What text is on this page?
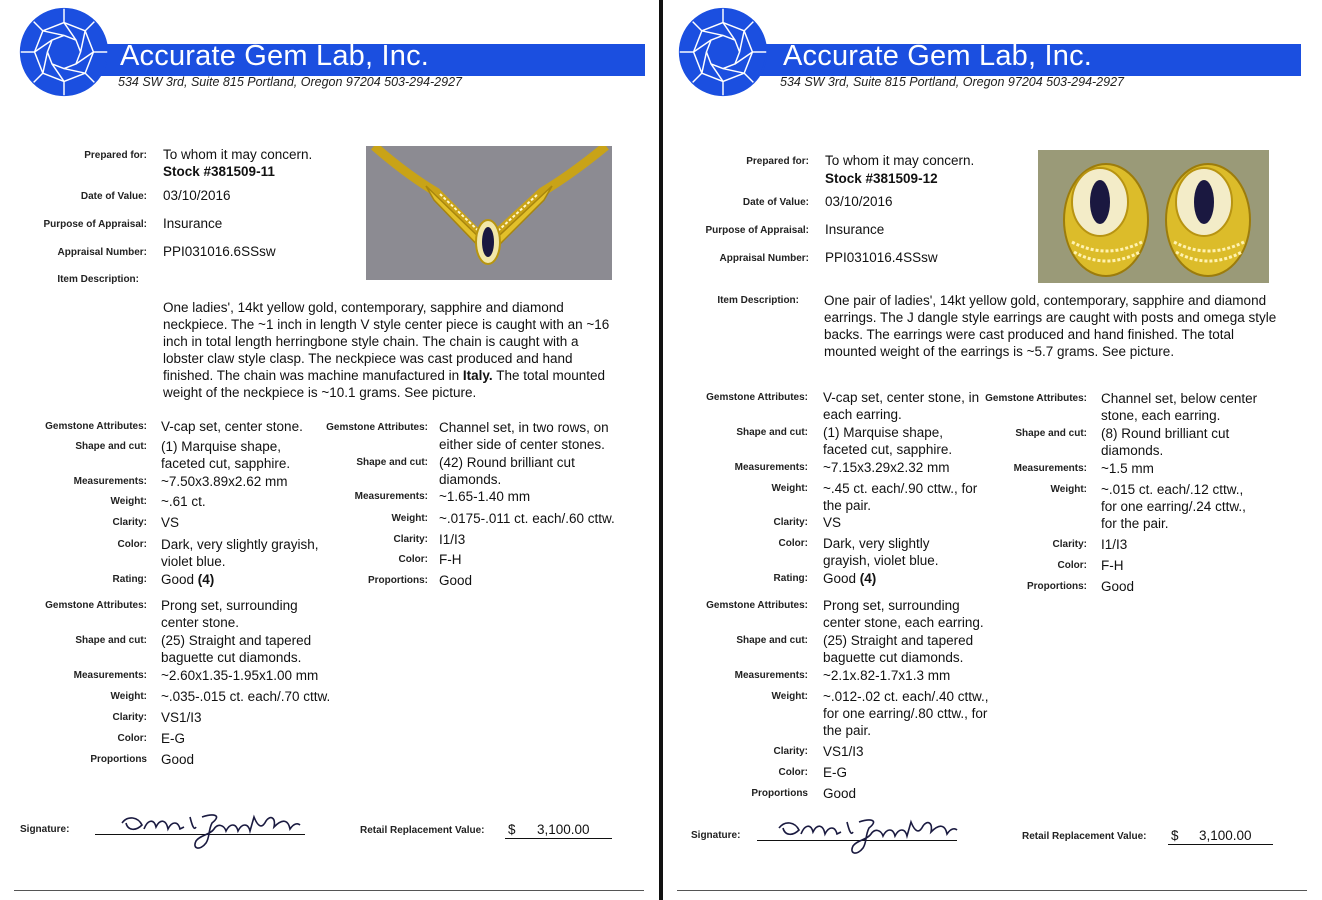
Accurate Gem Lab, Inc.
534 SW 3rd, Suite 815 Portland, Oregon 97204 503-294-2927
Prepared for: To whom it may concern.
Stock #381509-11
Date of Value: 03/10/2016
Purpose of Appraisal: Insurance
Appraisal Number: PPI031016.6SSsw
Item Description:
One ladies', 14kt yellow gold, contemporary, sapphire and diamond neckpiece. The ~1 inch in length V style center piece is caught with an ~16 inch in total length herringbone style chain. The chain is caught with a lobster claw style clasp. The neckpiece was cast produced and hand finished. The chain was machine manufactured in Italy. The total mounted weight of the neckpiece is ~10.1 grams. See picture.
Gemstone Attributes: V-cap set, center stone.
Shape and cut: (1) Marquise shape, faceted cut, sapphire.
Measurements: ~7.50x3.89x2.62 mm
Weight: ~.61 ct.
Clarity: VS
Color: Dark, very slightly grayish, violet blue.
Rating: Good (4)
Gemstone Attributes: Channel set, in two rows, on either side of center stones.
Shape and cut: (42) Round brilliant cut diamonds.
Measurements: ~1.65-1.40 mm
Weight: ~.0175-.011 ct. each/.60 cttw.
Clarity: I1/I3
Color: F-H
Proportions: Good
Gemstone Attributes: Prong set, surrounding center stone.
Shape and cut: (25) Straight and tapered baguette cut diamonds.
Measurements: ~2.60x1.35-1.95x1.00 mm
Weight: ~.035-.015 ct. each/.70 cttw.
Clarity: VS1/I3
Color: E-G
Proportions Good
Signature:	Retail Replacement Value: $ 3,100.00
Accurate Gem Lab, Inc.
534 SW 3rd, Suite 815 Portland, Oregon 97204 503-294-2927
Prepared for: To whom it may concern.
Stock #381509-12
Date of Value: 03/10/2016
Purpose of Appraisal: Insurance
Appraisal Number: PPI031016.4SSsw
Item Description: One pair of ladies', 14kt yellow gold, contemporary, sapphire and diamond earrings. The J dangle style earrings are caught with posts and omega style backs. The earrings were cast produced and hand finished. The total mounted weight of the earrings is ~5.7 grams. See picture.
Gemstone Attributes: V-cap set, center stone, in each earring.
Shape and cut: (1) Marquise shape, faceted cut, sapphire.
Measurements: ~7.15x3.29x2.32 mm
Weight: ~.45 ct. each/.90 cttw., for the pair.
Clarity: VS
Color: Dark, very slightly grayish, violet blue.
Rating: Good (4)
Gemstone Attributes: Channel set, below center stone, each earring.
Shape and cut: (8) Round brilliant cut diamonds.
Measurements: ~1.5 mm
Weight: ~.015 ct. each/.12 cttw., for one earring/.24 cttw., for the pair.
Clarity: I1/I3
Color: F-H
Proportions: Good
Gemstone Attributes: Prong set, surrounding center stone, each earring.
Shape and cut: (25) Straight and tapered baguette cut diamonds.
Measurements: ~2.1x.82-1.7x1.3 mm
Weight: ~.012-.02 ct. each/.40 cttw., for one earring/.80 cttw., for the pair.
Clarity: VS1/I3
Color: E-G
Proportions Good
Signature:	Retail Replacement Value: $ 3,100.00
